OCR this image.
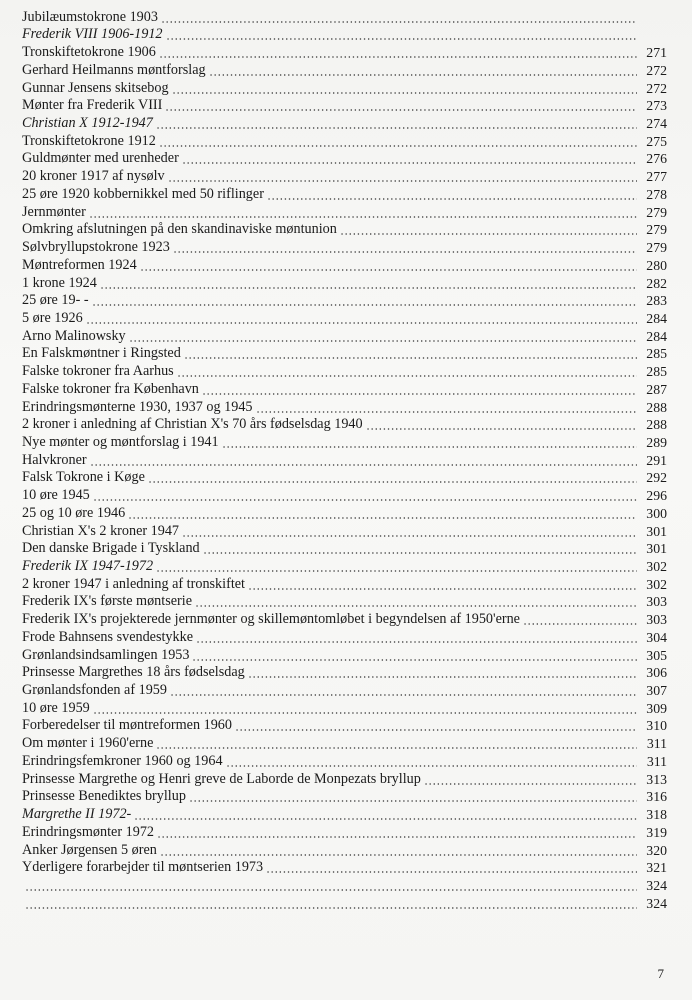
Jubilæumstokrone 1903
Frederik VIII 1906-1912
Tronskiftetokrone 1906	271
Gerhard Heilmanns møntforslag	272
Gunnar Jensens skitsebog	272
Mønter fra Frederik VIII	273
Christian X 1912-1947	274
Tronskiftetokrone 1912	275
Guldmønter med urenheder	276
20 kroner 1917 af nysølv	277
25 øre 1920 kobbernikkel med 50 riflinger	278
Jernmønter	279
Omkring afslutningen på den skandinaviske møntunion	279
Sølvbryllupstokrone 1923	279
Møntreformen 1924	280
1 krone 1924	282
25 øre 19- -	283
5 øre 1926	284
Arno Malinowsky	284
En Falskmøntner i Ringsted	285
Falske tokroner fra Aarhus	285
Falske tokroner fra København	287
Erindringsmønterne 1930, 1937 og 1945	288
2 kroner i anledning af Christian X's 70 års fødselsdag 1940	288
Nye mønter og møntforslag i 1941	289
Halvkroner	291
Falsk Tokrone i Køge	292
10 øre 1945	296
25 og 10 øre 1946	300
Christian X's 2 kroner 1947	301
Den danske Brigade i Tyskland	301
Frederik IX 1947-1972	302
2 kroner 1947 i anledning af tronskiftet	302
Frederik IX's første møntserie	303
Frederik IX's projekterede jernmønter og skillemøntomløbet i begyndelsen af 1950'erne	303
Frode Bahnsens svendestykke	304
Grønlandsindsamlingen 1953	305
Prinsesse Margrethes 18 års fødselsdag	306
Grønlandsfonden af 1959	307
10 øre 1959	309
Forberedelser til møntreformen 1960	310
Om mønter i 1960'erne	311
Erindringsfemkroner 1960 og 1964	311
Prinsesse Margrethe og Henri greve de Laborde de Monpezats bryllup	313
Prinsesse Benediktes bryllup	316
Margrethe II 1972-	318
Erindringsmønter 1972	319
Anker Jørgensen 5 øren	320
Yderligere forarbejder til møntserien 1973	321
324
324
7
